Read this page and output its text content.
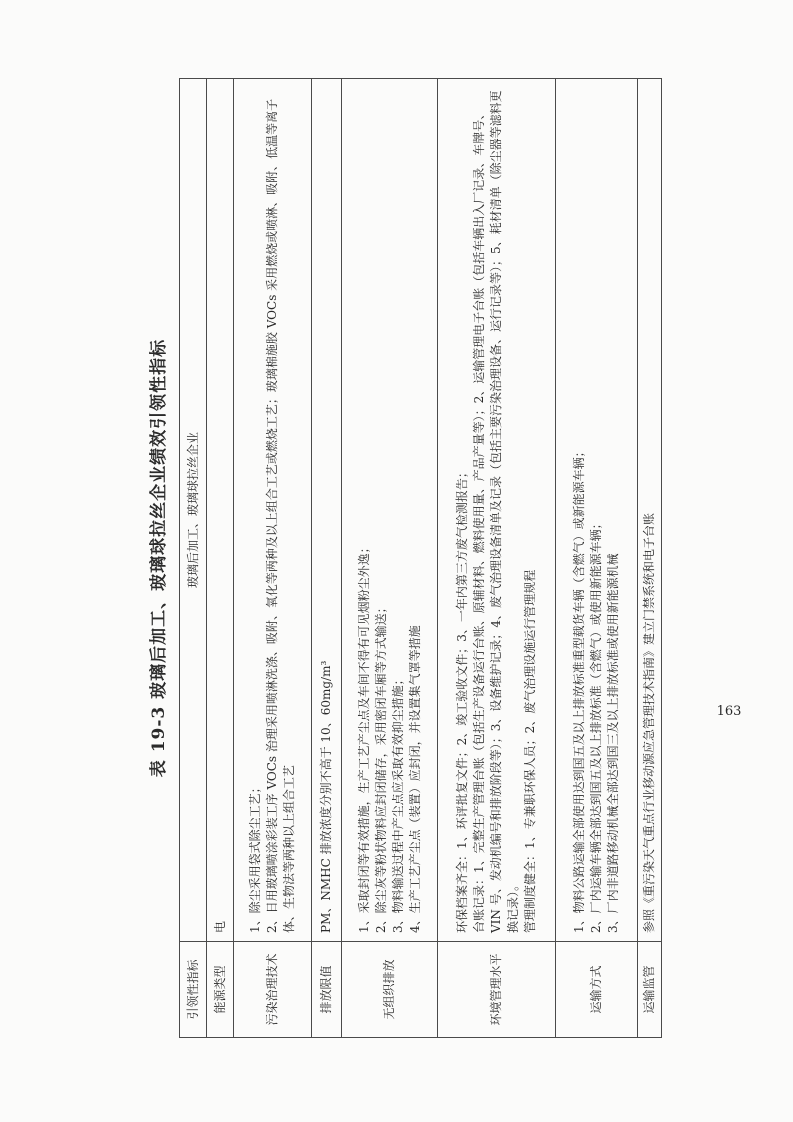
表 19-3 玻璃后加工、玻璃球拉丝企业绩效引领性指标
引领性指标	玻璃后加工、玻璃球拉丝企业
能源类型	电
污染治理技术	1、除尘采用袋式除尘工艺； 2、日用玻璃喷涂彩装工序 VOCs 治理采用喷淋洗涤、吸附、氧化等两种及以上组合工艺或燃烧工艺；玻璃棉施胶 VOCs 采用燃烧或喷淋、吸附、低温等离子体、生物法等两种以上组合工艺

排放限值	PM、NMHC 排放浓度分别不高于 10、60mg/m³
无组织排放	1、采取封闭等有效措施，生产工艺产尘点及车间不得有可见烟粉尘外逸； 2、除尘灰等粉状物料应封闭储存，采用密闭车厢等方式输送； 3、物料输送过程中产尘点应采取有效抑尘措施； 4、生产工艺产尘点（装置）应封闭，并设置集气罩等措施

环境管理水平	环保档案齐全：1、环评批复文件；2、竣工验收文件；3、一年内第三方废气检测报告； 台账记录：1、完整生产管理台账（包括生产设备运行台账、原辅材料、燃料使用量、产品产量等）；2、运输管理电子台账（包括车辆出入厂记录、车牌号、VIN 号、发动机编号和排放阶段等）；3、设备维护记录；4、废气治理设备清单及记录（包括主要污染治理设备、运行记录等）；5、耗材清单（除尘器等滤料更换记录）。 管理制度健全：1、专兼职环保人员；2、废气治理设施运行管理规程

运输方式	1、物料公路运输全部使用达到国五及以上排放标准重型载货车辆（含燃气）或新能源车辆； 2、厂内运输车辆全部达到国五及以上排放标准（含燃气）或使用新能源车辆； 3、厂内非道路移动机械全部达到国三及以上排放标准或使用新能源机械

运输监管	参照《重污染天气重点行业移动源应急管理技术指南》建立门禁系统和电子台账	163
